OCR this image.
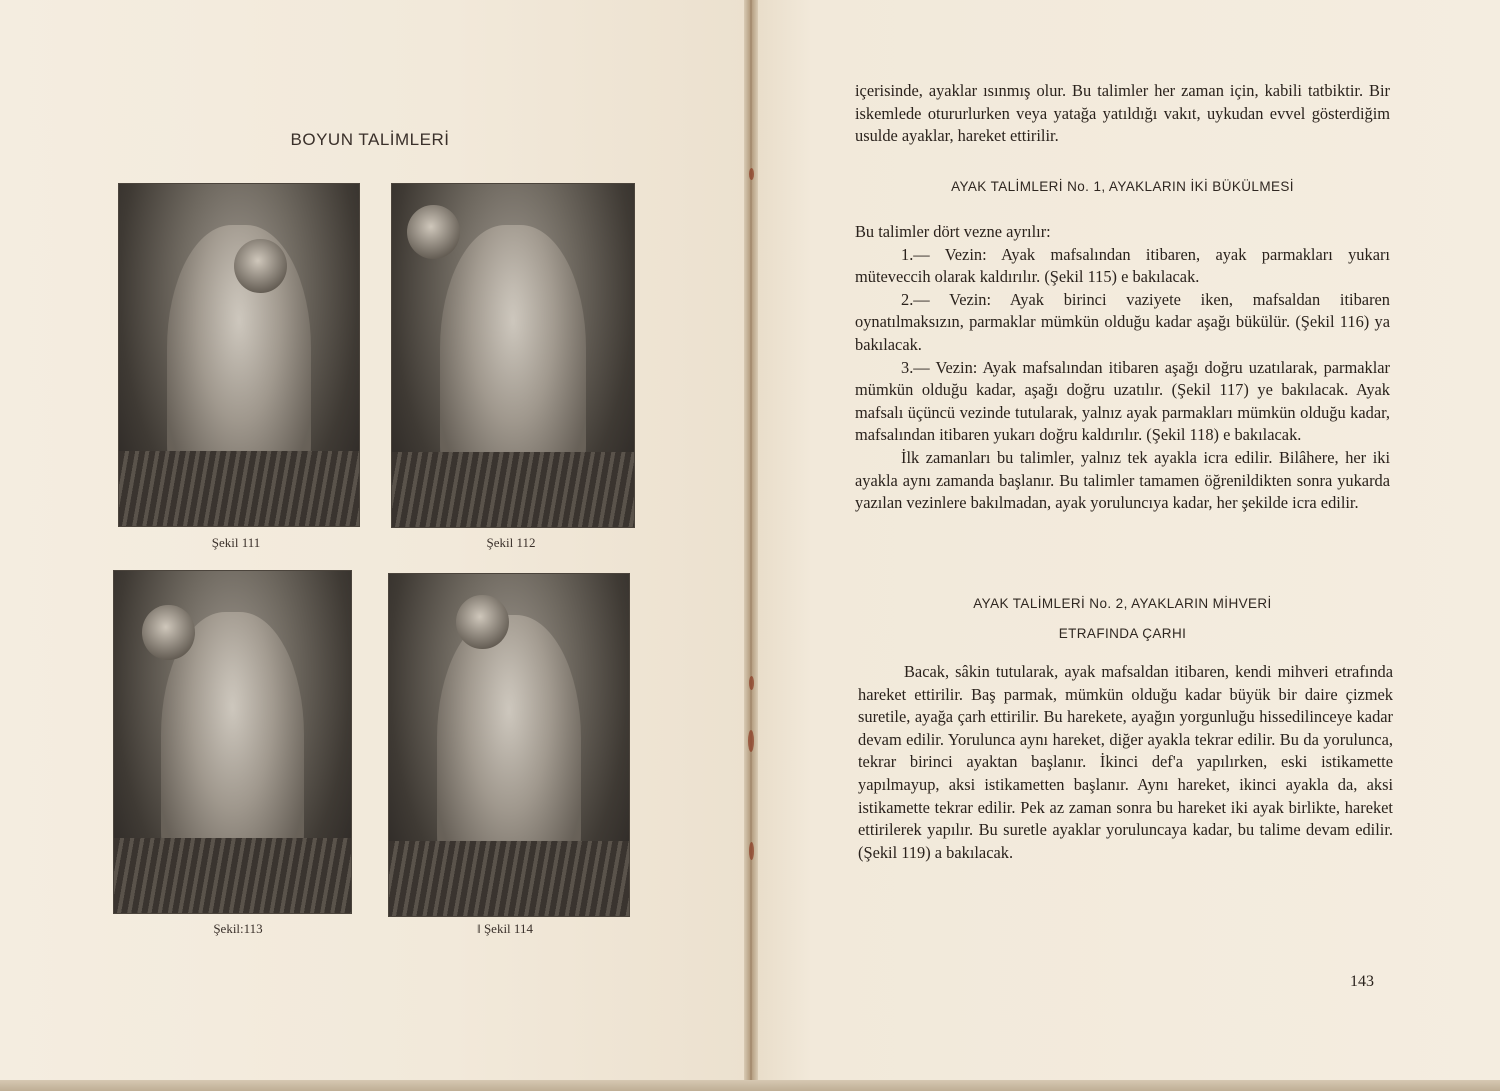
BOYUN TALİMLERİ
Şekil 111	Şekil 112
Şekil:113	‖ Şekil 114

içerisinde, ayaklar ısınmış olur. Bu talimler her zaman için, kabili tatbiktir. Bir iskemlede otururlurken veya yatağa yatıldığı vakıt, uykudan evvel gösterdiğim usulde ayaklar, hareket ettirilir.

AYAK TALİMLERİ No. 1, AYAKLARIN İKİ BÜKÜLMESİ

Bu talimler dört vezne ayrılır:

1.— Vezin: Ayak mafsalından itibaren, ayak parmakları yukarı müteveccih olarak kaldırılır. (Şekil 115) e bakılacak.

2.— Vezin: Ayak birinci vaziyete iken, mafsaldan itibaren oynatılmaksızın, parmaklar mümkün olduğu kadar aşağı bükülür. (Şekil 116) ya bakılacak.

3.— Vezin: Ayak mafsalından itibaren aşağı doğru uzatılarak, parmaklar mümkün olduğu kadar, aşağı doğru uzatılır. (Şekil 117) ye bakılacak. Ayak mafsalı üçüncü vezinde tutularak, yalnız ayak parmakları mümkün olduğu kadar, mafsalından itibaren yukarı doğru kaldırılır. (Şekil 118) e bakılacak.

İlk zamanları bu talimler, yalnız tek ayakla icra edilir. Bilâhere, her iki ayakla aynı zamanda başlanır. Bu talimler tamamen öğrenildikten sonra yukarda yazılan vezinlere bakılmadan, ayak yoruluncıya kadar, her şekilde icra edilir.

AYAK TALİMLERİ No. 2, AYAKLARIN MİHVERİ
ETRAFINDA ÇARHI

Bacak, sâkin tutularak, ayak mafsaldan itibaren, kendi mihveri etrafında hareket ettirilir. Baş parmak, mümkün olduğu kadar büyük bir daire çizmek suretile, ayağa çarh ettirilir. Bu harekete, ayağın yorgunluğu hissedilinceye kadar devam edilir. Yorulunca aynı hareket, diğer ayakla tekrar edilir. Bu da yorulunca, tekrar birinci ayaktan başlanır. İkinci def'a yapılırken, eski istikamette yapılmayup, aksi istikametten başlanır. Aynı hareket, ikinci ayakla da, aksi istikamette tekrar edilir. Pek az zaman sonra bu hareket iki ayak birlikte, hareket ettirilerek yapılır. Bu suretle ayaklar yoruluncaya kadar, bu talime devam edilir. (Şekil 119) a bakılacak.

143
